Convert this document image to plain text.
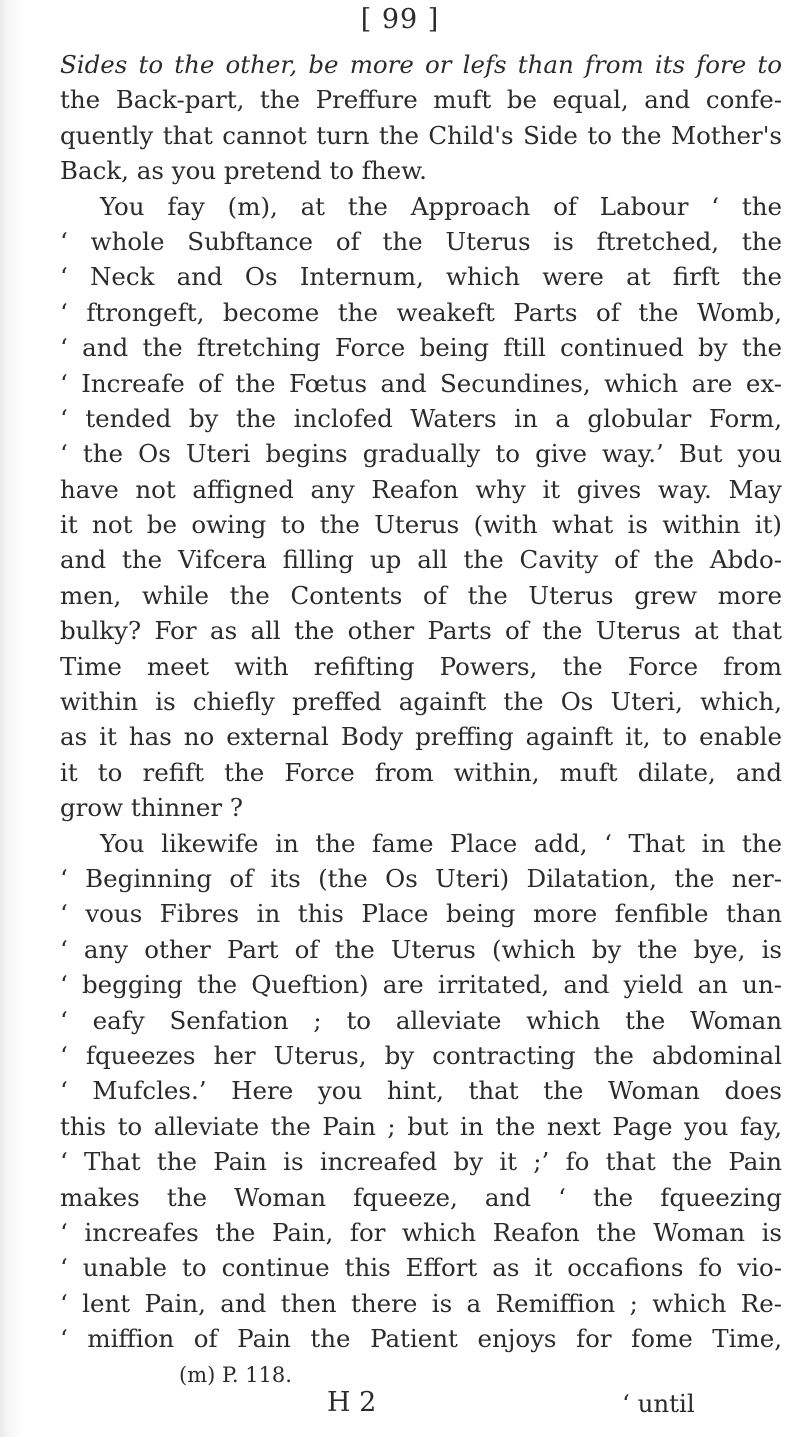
[ 99 ]
Sides to the other, be more or lefs than from its fore to
the Back-part, the Preffure muft be equal, and confe-
quently that cannot turn the Child's Side to the Mother's
Back, as you pretend to fhew.
You fay (m), at the Approach of Labour ‘ the
‘ whole Subftance of the Uterus is ftretched, the
‘ Neck and Os Internum, which were at firft the
‘ ftrongeft, become the weakeft Parts of the Womb,
‘ and the ftretching Force being ftill continued by the
‘ Increafe of the Fœtus and Secundines, which are ex-
‘ tended by the inclofed Waters in a globular Form,
‘ the Os Uteri begins gradually to give way.’ But you
have not affigned any Reafon why it gives way. May
it not be owing to the Uterus (with what is within it)
and the Vifcera filling up all the Cavity of the Abdo-
men, while the Contents of the Uterus grew more
bulky? For as all the other Parts of the Uterus at that
Time meet with refifting Powers, the Force from
within is chiefly preffed againft the Os Uteri, which,
as it has no external Body preffing againft it, to enable
it to refift the Force from within, muft dilate, and
grow thinner ?
You likewife in the fame Place add, ‘ That in the
‘ Beginning of its (the Os Uteri) Dilatation, the ner-
‘ vous Fibres in this Place being more fenfible than
‘ any other Part of the Uterus (which by the bye, is
‘ begging the Queftion) are irritated, and yield an un-
‘ eafy Senfation ; to alleviate which the Woman
‘ fqueezes her Uterus, by contracting the abdominal
‘ Mufcles.’ Here you hint, that the Woman does
this to alleviate the Pain ; but in the next Page you fay,
‘ That the Pain is increafed by it ;’ fo that the Pain
makes the Woman fqueeze, and ‘ the fqueezing
‘ increafes the Pain, for which Reafon the Woman is
‘ unable to continue this Effort as it occafions fo vio-
‘ lent Pain, and then there is a Remiffion ; which Re-
‘ miffion of Pain the Patient enjoys for fome Time,
(m) P. 118.
H 2	‘ until
